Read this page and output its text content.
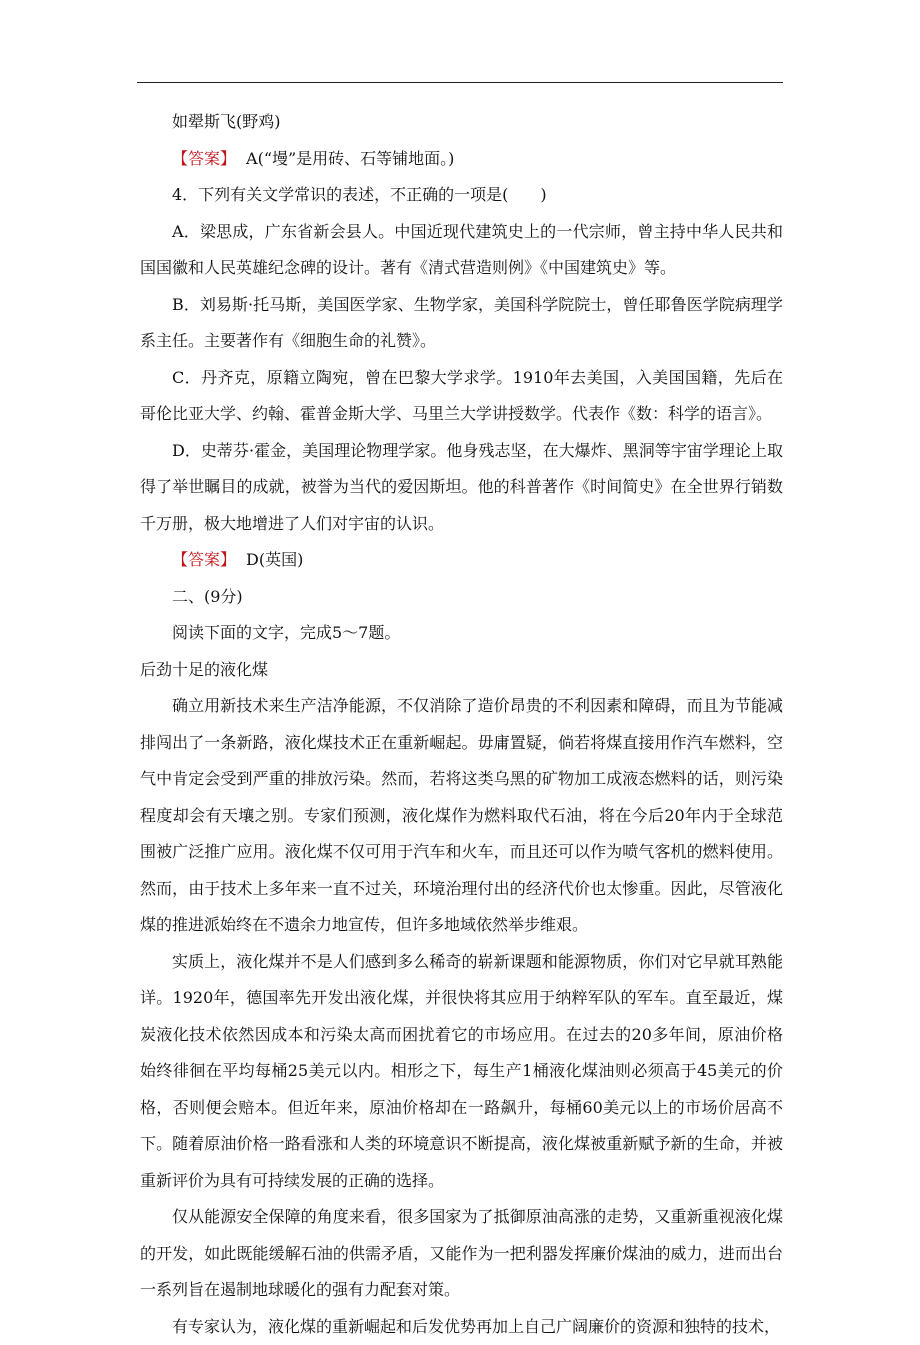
如翚斯飞(野鸡)

【答案】 A(“墁”是用砖、石等铺地面。)

4．下列有关文学常识的表述，不正确的一项是(　　)

A．梁思成，广东省新会县人。中国近现代建筑史上的一代宗师，曾主持中华人民共和国国徽和人民英雄纪念碑的设计。著有《清式营造则例》《中国建筑史》等。

B．刘易斯·托马斯，美国医学家、生物学家，美国科学院院士，曾任耶鲁医学院病理学系主任。主要著作有《细胞生命的礼赞》。

C．丹齐克，原籍立陶宛，曾在巴黎大学求学。1910年去美国，入美国国籍，先后在哥伦比亚大学、约翰、霍普金斯大学、马里兰大学讲授数学。代表作《数：科学的语言》。

D．史蒂芬·霍金，美国理论物理学家。他身残志坚，在大爆炸、黑洞等宇宙学理论上取得了举世瞩目的成就，被誉为当代的爱因斯坦。他的科普著作《时间简史》在全世界行销数千万册，极大地增进了人们对宇宙的认识。

【答案】 D(英国)

二、(9分)

阅读下面的文字，完成5～7题。

后劲十足的液化煤

确立用新技术来生产洁净能源，不仅消除了造价昂贵的不利因素和障碍，而且为节能减排闯出了一条新路，液化煤技术正在重新崛起。毋庸置疑，倘若将煤直接用作汽车燃料，空气中肯定会受到严重的排放污染。然而，若将这类乌黑的矿物加工成液态燃料的话，则污染程度却会有天壤之别。专家们预测，液化煤作为燃料取代石油，将在今后20年内于全球范围被广泛推广应用。液化煤不仅可用于汽车和火车，而且还可以作为喷气客机的燃料使用。然而，由于技术上多年来一直不过关，环境治理付出的经济代价也太惨重。因此，尽管液化煤的推进派始终在不遗余力地宣传，但许多地域依然举步维艰。

实质上，液化煤并不是人们感到多么稀奇的崭新课题和能源物质，你们对它早就耳熟能详。1920年，德国率先开发出液化煤，并很快将其应用于纳粹军队的军车。直至最近，煤炭液化技术依然因成本和污染太高而困扰着它的市场应用。在过去的20多年间，原油价格始终徘徊在平均每桶25美元以内。相形之下，每生产1桶液化煤油则必须高于45美元的价格，否则便会赔本。但近年来，原油价格却在一路飙升，每桶60美元以上的市场价居高不下。随着原油价格一路看涨和人类的环境意识不断提高，液化煤被重新赋予新的生命，并被重新评价为具有可持续发展的正确的选择。

仅从能源安全保障的角度来看，很多国家为了抵御原油高涨的走势，又重新重视液化煤的开发，如此既能缓解石油的供需矛盾，又能作为一把利器发挥廉价煤油的威力，进而出台一系列旨在遏制地球暖化的强有力配套对策。

有专家认为，液化煤的重新崛起和后发优势再加上自己广阔廉价的资源和独特的技术，
